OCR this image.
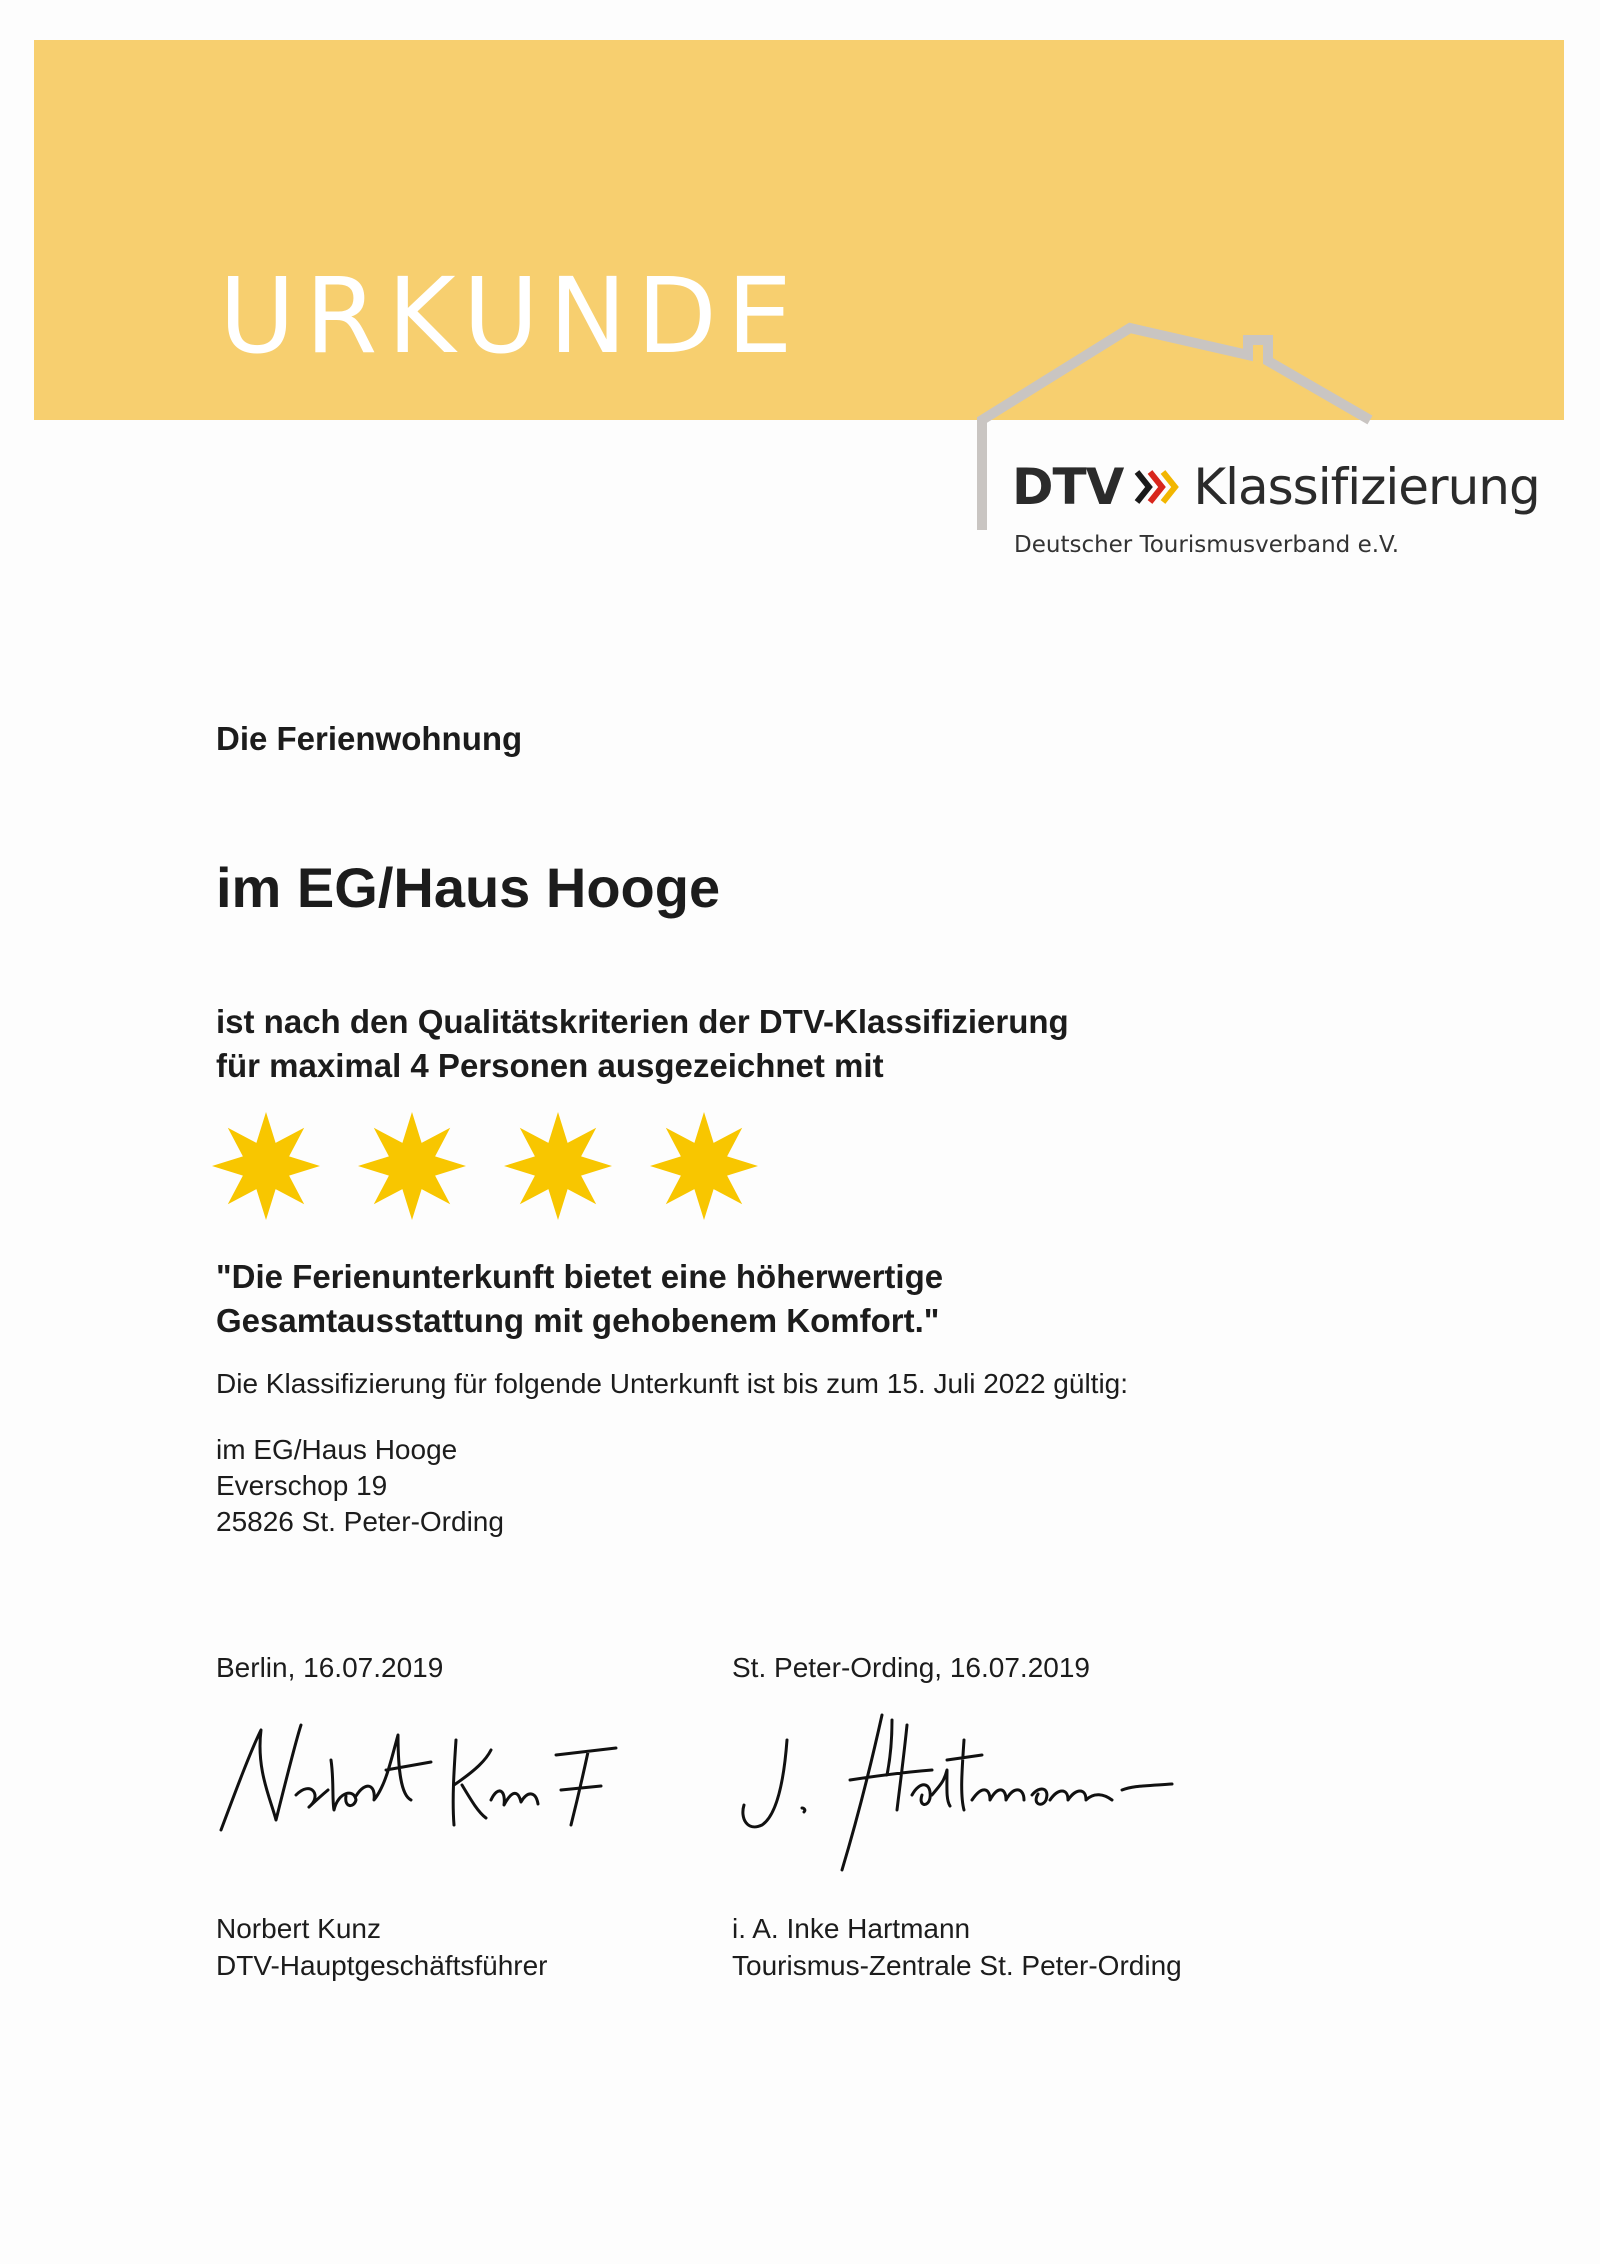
URKUNDE
DTV Klassifizierung
Deutscher Tourismusverband e.V.

Die Ferienwohnung

im EG/Haus Hooge

ist nach den Qualitätskriterien der DTV-Klassifizierung
für maximal 4 Personen ausgezeichnet mit
"Die Ferienunterkunft bietet eine höherwertige
Gesamtausstattung mit gehobenem Komfort."

Die Klassifizierung für folgende Unterkunft ist bis zum 15. Juli 2022 gültig:

im EG/Haus Hooge
Everschop 19
25826 St. Peter-Ording
Berlin, 16.07.2019	St. Peter-Ording, 16.07.2019
Norbert Kunz
DTV-Hauptgeschäftsführer
i. A. Inke Hartmann
Tourismus-Zentrale St. Peter-Ording
